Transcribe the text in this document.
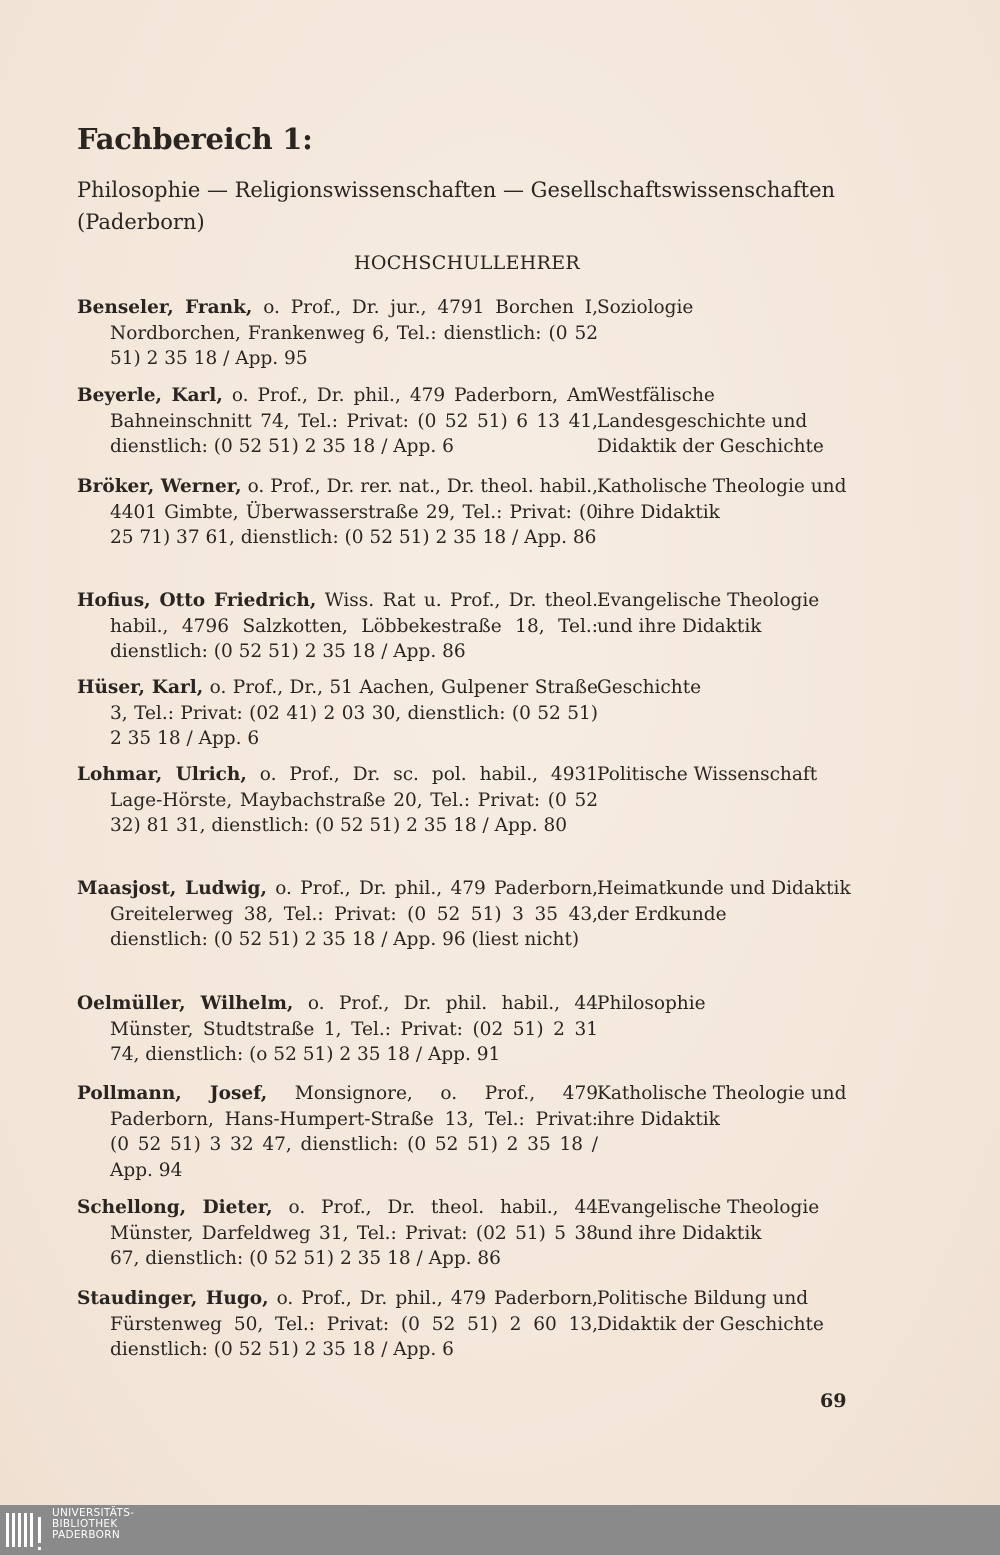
Fachbereich 1:
Philosophie — Religionswissenschaften — Gesellschaftswissenschaften (Paderborn)
HOCHSCHULLEHRER
Benseler, Frank, o. Prof., Dr. jur., 4791 Borchen I, Nordborchen, Frankenweg 6, Tel.: dienstlich: (0 52 51) 2 35 18 / App. 95
Soziologie
Beyerle, Karl, o. Prof., Dr. phil., 479 Paderborn, Am Bahneinschnitt 74, Tel.: Privat: (0 52 51) 6 13 41, dienstlich: (0 52 51) 2 35 18 / App. 6
Westfälische Landesgeschichte und Didaktik der Geschichte
Bröker, Werner, o. Prof., Dr. rer. nat., Dr. theol. habil., 4401 Gimbte, Überwasserstraße 29, Tel.: Privat: (0 25 71) 37 61, dienstlich: (0 52 51) 2 35 18 / App. 86
Katholische Theologie und ihre Didaktik
Hofius, Otto Friedrich, Wiss. Rat u. Prof., Dr. theol. habil., 4796 Salzkotten, Löbbekestraße 18, Tel.: dienstlich: (0 52 51) 2 35 18 / App. 86
Evangelische Theologie und ihre Didaktik
Hüser, Karl, o. Prof., Dr., 51 Aachen, Gulpener Straße 3, Tel.: Privat: (02 41) 2 03 30, dienstlich: (0 52 51) 2 35 18 / App. 6
Geschichte
Lohmar, Ulrich, o. Prof., Dr. sc. pol. habil., 4931 Lage-Hörste, Maybachstraße 20, Tel.: Privat: (0 52 32) 81 31, dienstlich: (0 52 51) 2 35 18 / App. 80
Politische Wissenschaft
Maasjost, Ludwig, o. Prof., Dr. phil., 479 Paderborn, Greitelerweg 38, Tel.: Privat: (0 52 51) 3 35 43, dienstlich: (0 52 51) 2 35 18 / App. 96 (liest nicht)
Heimatkunde und Didaktik der Erdkunde
Oelmüller, Wilhelm, o. Prof., Dr. phil. habil., 44 Münster, Studtstraße 1, Tel.: Privat: (02 51) 2 31 74, dienstlich: (o 52 51) 2 35 18 / App. 91
Philosophie
Pollmann, Josef, Monsignore, o. Prof., 479 Paderborn, Hans-Humpert-Straße 13, Tel.: Privat: (0 52 51) 3 32 47, dienstlich: (0 52 51) 2 35 18 / App. 94
Katholische Theologie und ihre Didaktik
Schellong, Dieter, o. Prof., Dr. theol. habil., 44 Münster, Darfeldweg 31, Tel.: Privat: (02 51) 5 38 67, dienstlich: (0 52 51) 2 35 18 / App. 86
Evangelische Theologie und ihre Didaktik
Staudinger, Hugo, o. Prof., Dr. phil., 479 Paderborn, Fürstenweg 50, Tel.: Privat: (0 52 51) 2 60 13, dienstlich: (0 52 51) 2 35 18 / App. 6
Politische Bildung und Didaktik der Geschichte
69
UNIVERSITÄTS-
BIBLIOTHEK
PADERBORN
